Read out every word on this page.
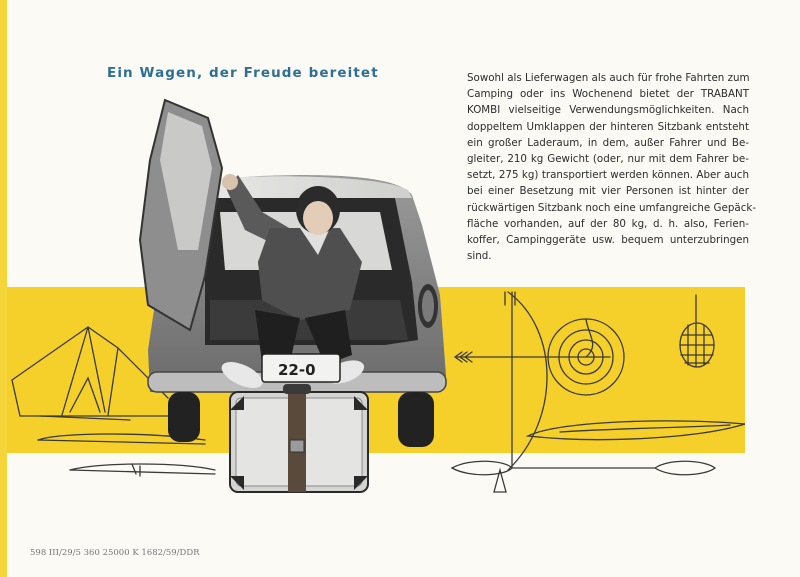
Ein Wagen, der Freude bereitet	Sowohl als Lieferwagen als auch für frohe Fahrten zum
Camping oder ins Wochenend bietet der TRABANT
KOMBI vielseitige Verwendungsmöglichkeiten. Nach
doppeltem Umklappen der hinteren Sitzbank entsteht
ein großer Laderaum, in dem, außer Fahrer und Be-
gleiter, 210 kg Gewicht (oder, nur mit dem Fahrer be-
setzt, 275 kg) transportiert werden können. Aber auch
bei einer Besetzung mit vier Personen ist hinter der
rückwärtigen Sitzbank noch eine umfangreiche Gepäck-
fläche vorhanden, auf der 80 kg, d. h. also, Ferien-
koffer, Campinggeräte usw. bequem unterzubringen
sind.

22-0
598 III/29/5 360 25000 K 1682/59/DDR
